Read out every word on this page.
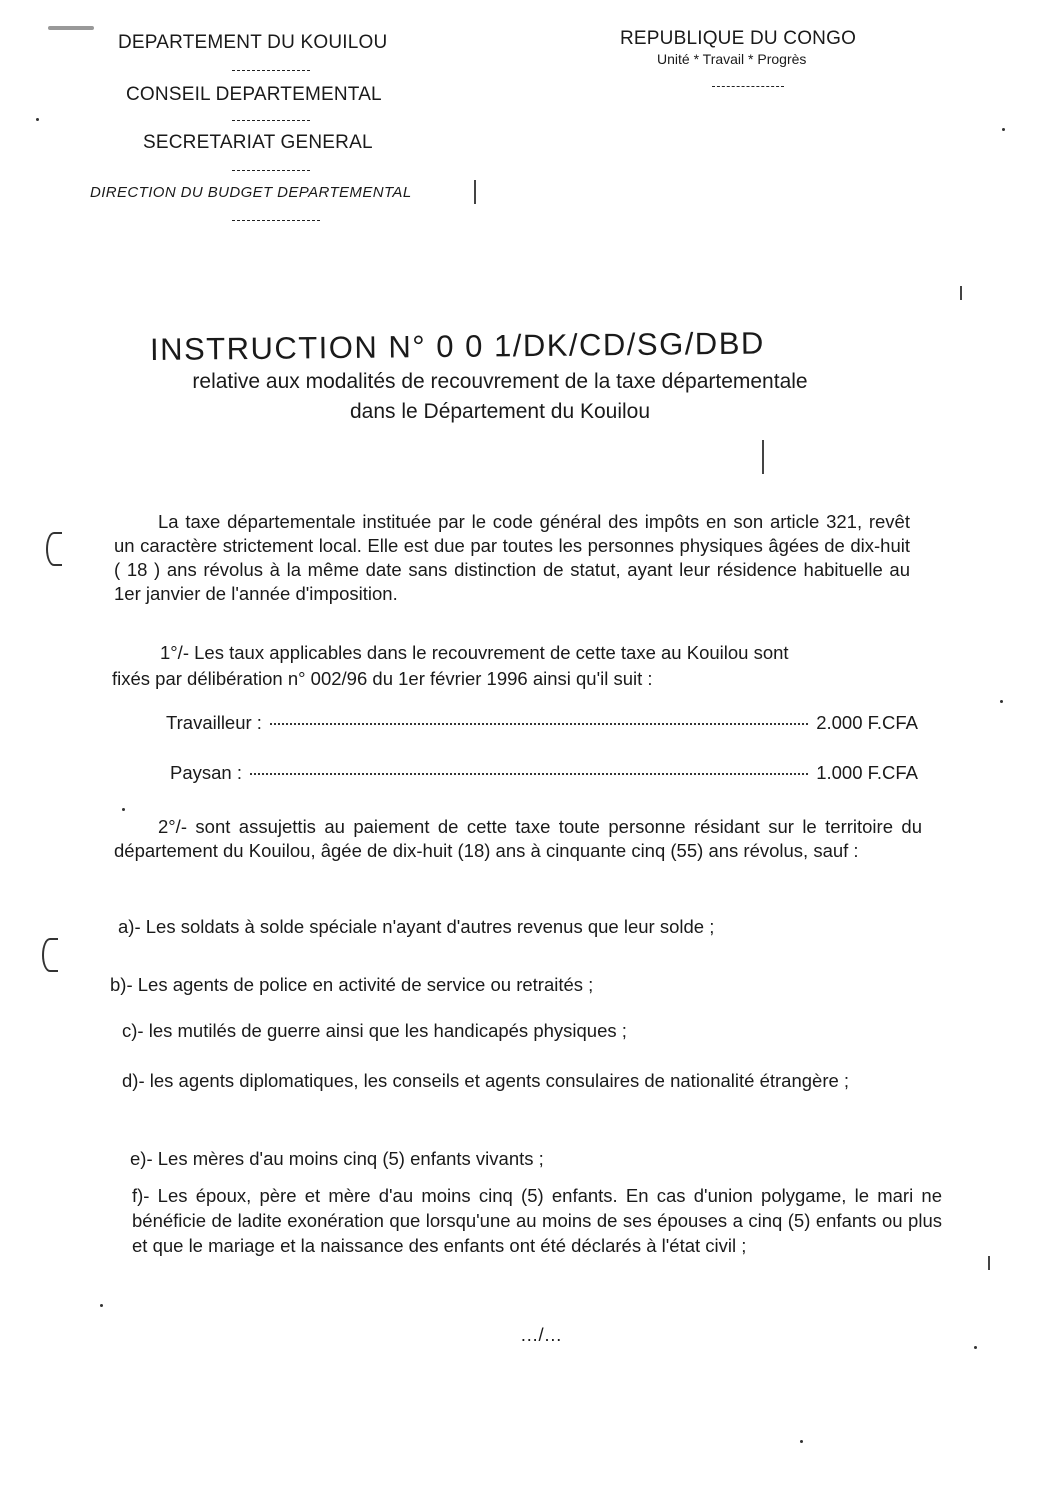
DEPARTEMENT DU KOUILOU
CONSEIL DEPARTEMENTAL
SECRETARIAT GENERAL
DIRECTION DU BUDGET DEPARTEMENTAL
REPUBLIQUE DU CONGO
Unité * Travail * Progrès
INSTRUCTION N° 0 0 1/DK/CD/SG/DBD
relative aux modalités de recouvrement de la taxe départementale
dans le Département du Kouilou

La taxe départementale instituée par le code général des impôts en son article 321, revêt un caractère strictement local. Elle est due par toutes les personnes physiques âgées de dix-huit ( 18 ) ans révolus à la même date sans distinction de statut, ayant leur résidence habituelle au 1er janvier de l'année d'imposition.

1°/- Les taux applicables dans le recouvrement de cette taxe au Kouilou sont
fixés par délibération n° 002/96 du 1er février 1996 ainsi qu'il suit :
Travailleur :	2.000 F.CFA
Paysan :	1.000 F.CFA

2°/- sont assujettis au paiement de cette taxe toute personne résidant sur le territoire du département du Kouilou, âgée de dix-huit (18) ans à cinquante cinq (55) ans révolus, sauf :

a)- Les soldats à solde spéciale n'ayant d'autres revenus que leur solde ;
b)- Les agents de police en activité de service ou retraités ;
c)- les mutilés de guerre ainsi que les handicapés physiques ;
d)- les agents diplomatiques, les conseils et agents consulaires de nationalité étrangère ;
e)- Les mères d'au moins cinq (5) enfants vivants ;
f)- Les époux, père et mère d'au moins cinq (5) enfants. En cas d'union polygame, le mari ne bénéficie de ladite exonération que lorsqu'une au moins de ses épouses a cinq (5) enfants ou plus et que le mariage et la naissance des enfants ont été déclarés à l'état civil ;
…/…
